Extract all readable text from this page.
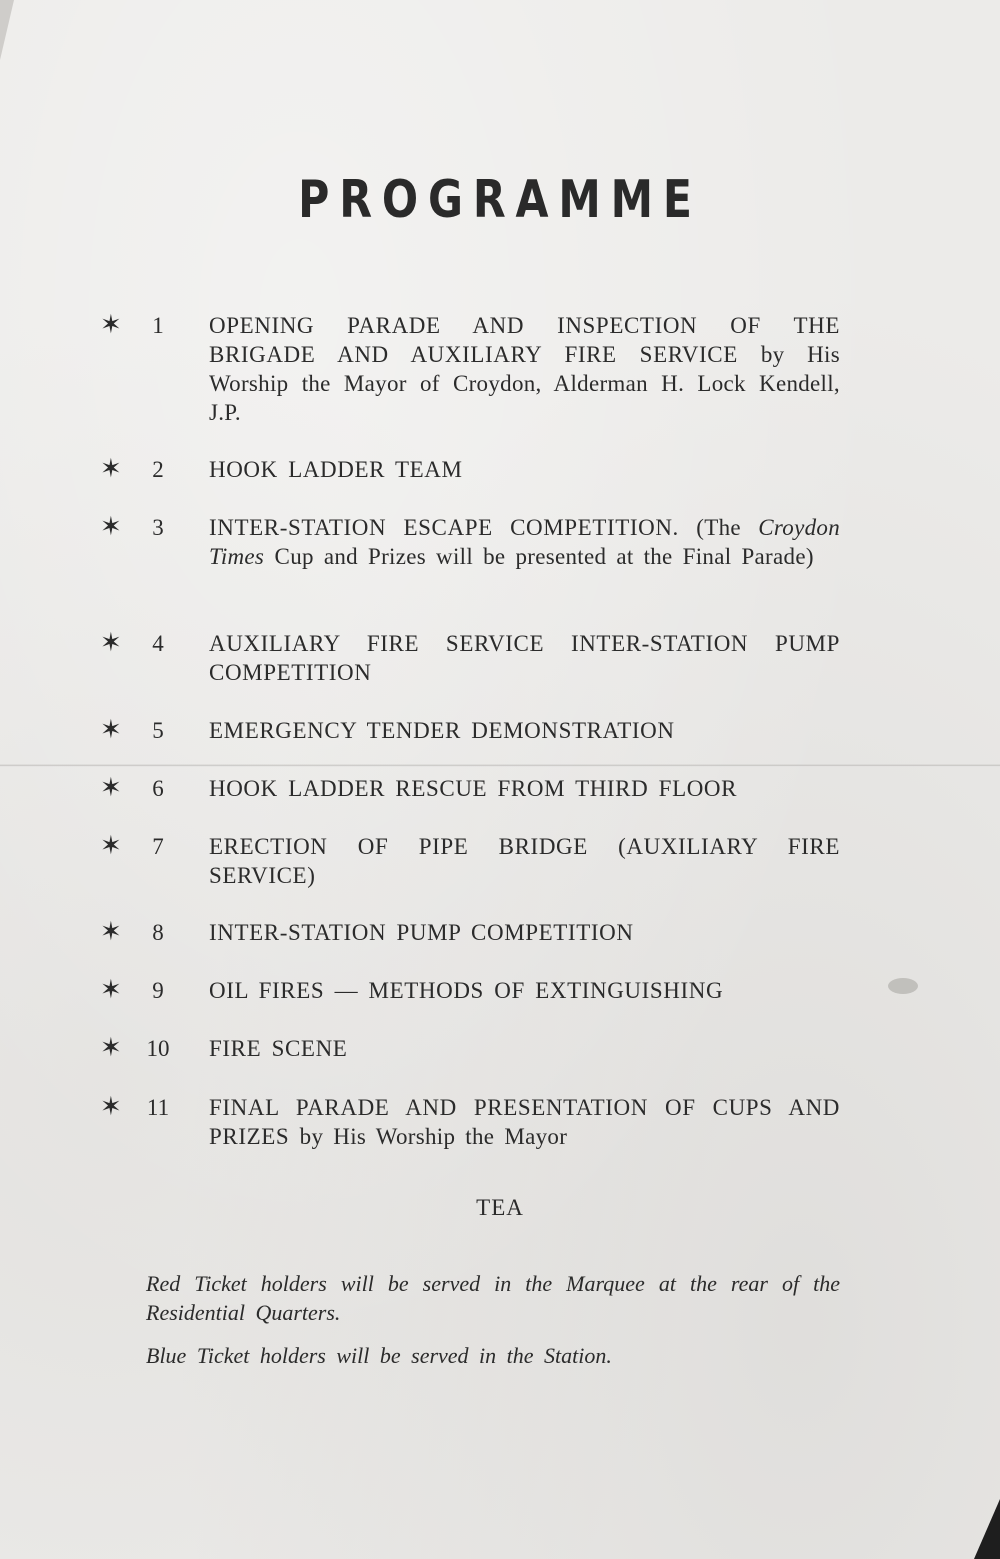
PROGRAMME
✶	1	OPENING PARADE AND INSPECTION OF THE BRIGADE AND AUXILIARY FIRE SERVICE by His Worship the Mayor of Croydon, Alderman H. Lock Kendell, J.P.
✶	2	HOOK LADDER TEAM
✶	3	INTER-STATION ESCAPE COMPETITION. (The Croydon Times Cup and Prizes will be presented at the Final Parade)
✶	4	AUXILIARY FIRE SERVICE INTER-STATION PUMP COMPETITION
✶	5	EMERGENCY TENDER DEMONSTRATION
✶	6	HOOK LADDER RESCUE FROM THIRD FLOOR
✶	7	ERECTION OF PIPE BRIDGE (AUXILIARY FIRE SERVICE)
✶	8	INTER-STATION PUMP COMPETITION
✶	9	OIL FIRES — METHODS OF EXTINGUISHING
✶	10	FIRE SCENE
✶	11	FINAL PARADE AND PRESENTATION OF CUPS AND PRIZES by His Worship the Mayor
TEA
Red Ticket holders will be served in the Marquee at the rear of the Residential Quarters.
Blue Ticket holders will be served in the Station.
